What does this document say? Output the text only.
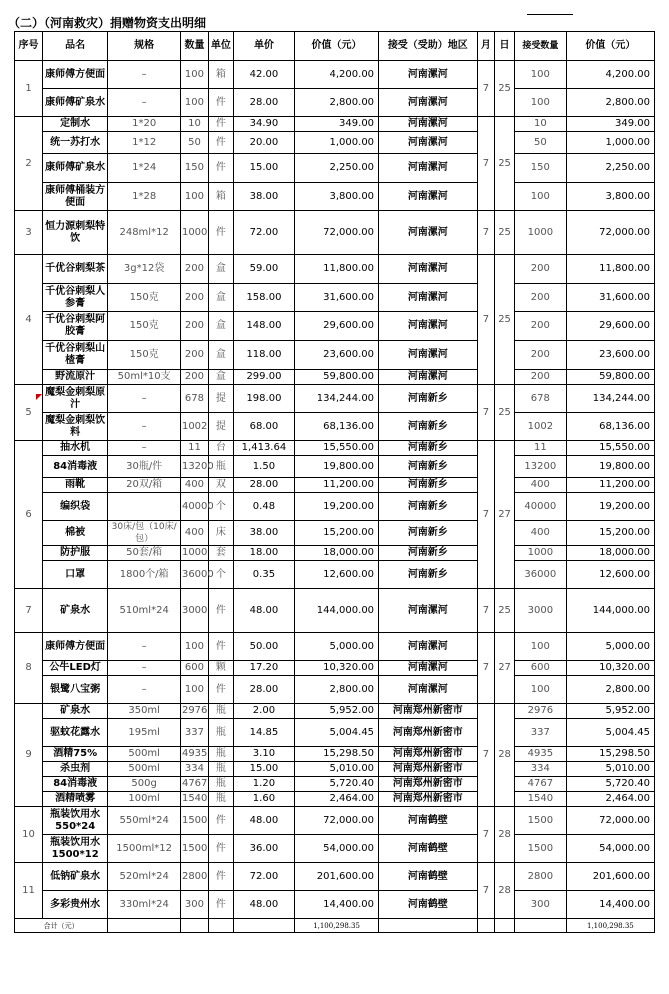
（二）（河南救灾）捐赠物资支出明细
序号	品名	规格	数量	单位	单价	价值（元）	接受（受助）地区	月	日	接受数量	价值（元）
1	康师傅方便面	–	100	箱	42.00	4,200.00	河南漯河	7	25	100	4,200.00
	康师傅矿泉水	–	100	件	28.00	2,800.00	河南漯河			100	2,800.00
2	定制水	1*20	10	件	34.90	349.00	河南漯河	7	25	10	349.00
	统一苏打水	1*12	50	件	20.00	1,000.00	河南漯河			50	1,000.00
	康师傅矿泉水	1*24	150	件	15.00	2,250.00	河南漯河			150	2,250.00
	康师傅桶装方便面	1*28	100	箱	38.00	3,800.00	河南漯河			100	3,800.00
3	恒力源刺梨特饮	248ml*12	1000	件	72.00	72,000.00	河南漯河	7	25	1000	72,000.00
4	千优谷刺梨茶	3g*12袋	200	盒	59.00	11,800.00	河南漯河	7	25	200	11,800.00
	千优谷刺梨人参膏	150克	200	盒	158.00	31,600.00	河南漯河			200	31,600.00
	千优谷刺梨阿胶膏	150克	200	盒	148.00	29,600.00	河南漯河			200	29,600.00
	千优谷刺梨山楂膏	150克	200	盒	118.00	23,600.00	河南漯河			200	23,600.00
	野流原汁	50ml*10支	200	盒	299.00	59,800.00	河南漯河			200	59,800.00
5	魔梨金刺梨原汁	–	678	提	198.00	134,244.00	河南新乡	7	25	678	134,244.00
	魔梨金刺梨饮料	–	1002	提	68.00	68,136.00	河南新乡			1002	68,136.00
6	抽水机	–	11	台	1,413.64	15,550.00	河南新乡	7	27	11	15,550.00
	84消毒液	30瓶/件	13200	瓶	1.50	19,800.00	河南新乡			13200	19,800.00
	雨靴	20双/箱	400	双	28.00	11,200.00	河南新乡			400	11,200.00
	编织袋		40000	个	0.48	19,200.00	河南新乡			40000	19,200.00
	棉被	30床/包（10床/包）	400	床	38.00	15,200.00	河南新乡			400	15,200.00
	防护服	50套/箱	1000	套	18.00	18,000.00	河南新乡			1000	18,000.00
	口罩	1800个/箱	36000	个	0.35	12,600.00	河南新乡			36000	12,600.00
7	矿泉水	510ml*24	3000	件	48.00	144,000.00	河南漯河	7	25	3000	144,000.00
8	康师傅方便面	–	100	件	50.00	5,000.00	河南漯河	7	27	100	5,000.00
	公牛LED灯	–	600	颗	17.20	10,320.00	河南漯河			600	10,320.00
	银鹭八宝粥	–	100	件	28.00	2,800.00	河南漯河			100	2,800.00
9	矿泉水	350ml	2976	瓶	2.00	5,952.00	河南郑州新密市	7	28	2976	5,952.00
	驱蚊花露水	195ml	337	瓶	14.85	5,004.45	河南郑州新密市			337	5,004.45
	酒精75%	500ml	4935	瓶	3.10	15,298.50	河南郑州新密市			4935	15,298.50
	杀虫剂	500ml	334	瓶	15.00	5,010.00	河南郑州新密市			334	5,010.00
	84消毒液	500g	4767	瓶	1.20	5,720.40	河南郑州新密市			4767	5,720.40
	酒精喷雾	100ml	1540	瓶	1.60	2,464.00	河南郑州新密市			1540	2,464.00
10	瓶装饮用水550*24	550ml*24	1500	件	48.00	72,000.00	河南鹤壁	7	28	1500	72,000.00
	瓶装饮用水1500*12	1500ml*12	1500	件	36.00	54,000.00	河南鹤壁			1500	54,000.00
11	低钠矿泉水	520ml*24	2800	件	72.00	201,600.00	河南鹤壁	7	28	2800	201,600.00
	多彩贵州水	330ml*24	300	件	48.00	14,400.00	河南鹤壁			300	14,400.00
合计（元）						1,100,298.35					1,100,298.35
